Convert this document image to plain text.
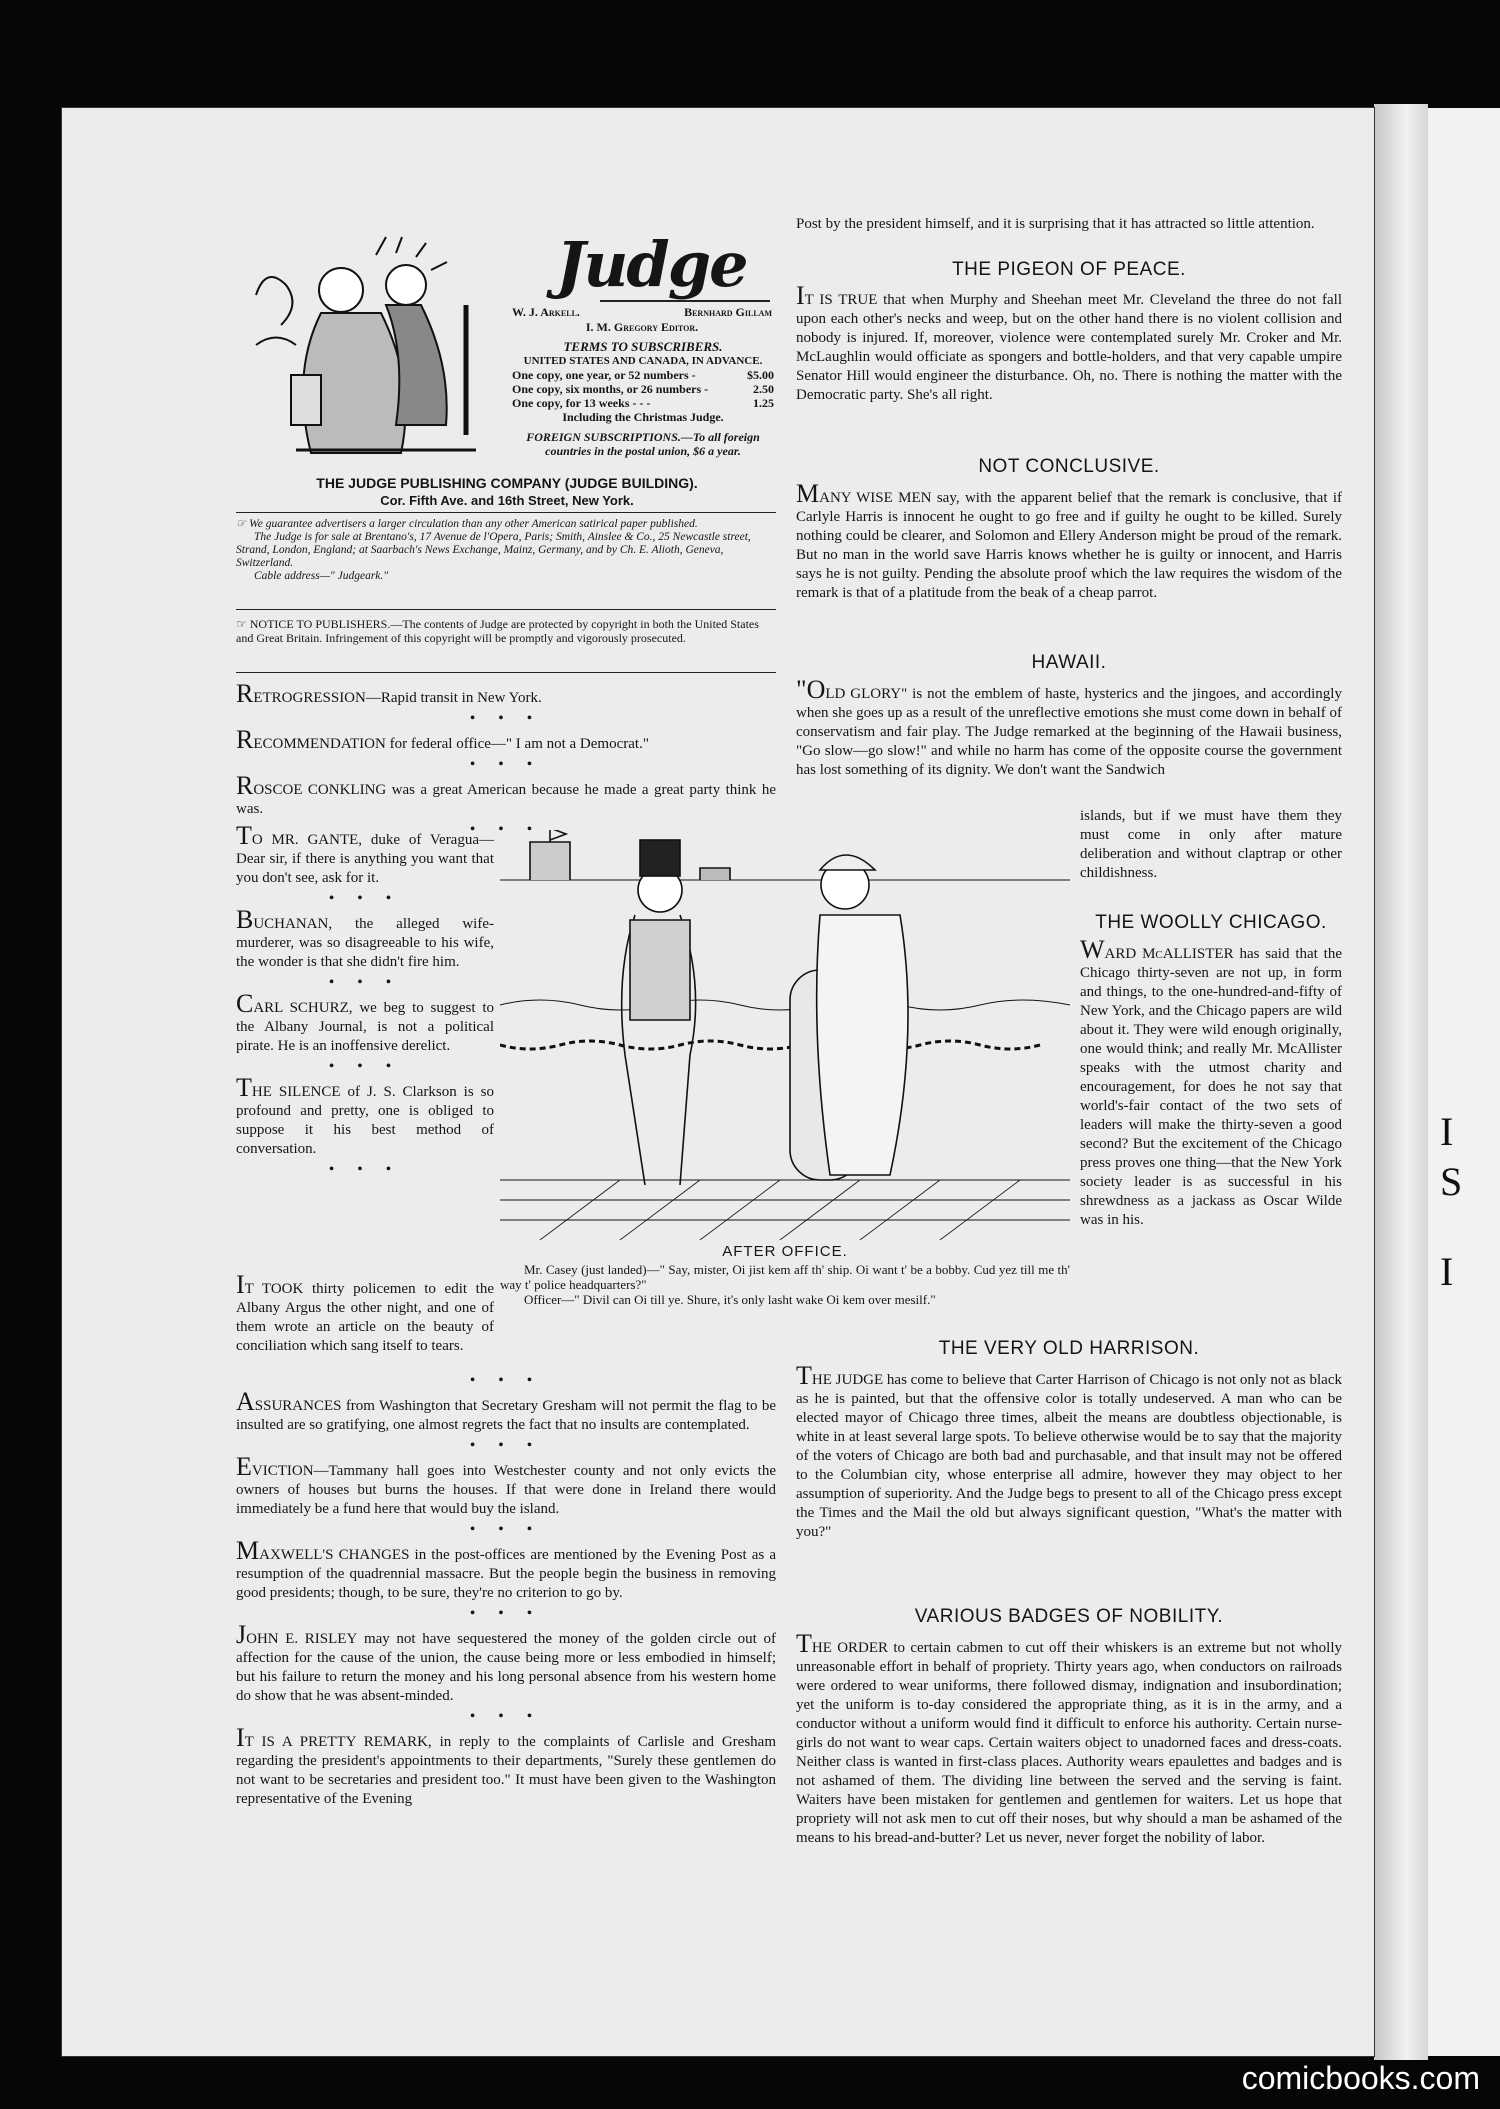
I
S
I
Judge
W. J. Arkell.	Bernhard Gillam
I. M. Gregory Editor.
TERMS TO SUBSCRIBERS.
UNITED STATES AND CANADA, IN ADVANCE.
One copy, one year, or 52 numbers -	$5.00
One copy, six months, or 26 numbers -	2.50
One copy, for 13 weeks - - -	1.25
Including the Christmas Judge.
FOREIGN SUBSCRIPTIONS.—To all foreign countries in the postal union, $6 a year.
THE JUDGE PUBLISHING COMPANY (JUDGE BUILDING).
Cor. Fifth Ave. and 16th Street, New York.
☞ We guarantee advertisers a larger circulation than any other American satirical paper published.
The Judge is for sale at Brentano's, 17 Avenue de l'Opera, Paris; Smith, Ainslee & Co., 25 Newcastle street, Strand, London, England; at Saarbach's News Exchange, Mainz, Germany, and by Ch. E. Alioth, Geneva, Switzerland.
Cable address—" Judgeark."
☞ NOTICE TO PUBLISHERS.—The contents of Judge are protected by copyright in both the United States and Great Britain. Infringement of this copyright will be promptly and vigorously prosecuted.

RETROGRESSION—Rapid transit in New York.

• • •

RECOMMENDATION for federal office—" I am not a Democrat."

• • •

ROSCOE CONKLING was a great American because he made a great party think he was.

• • •

TO MR. GANTE, duke of Veragua—Dear sir, if there is anything you want that you don't see, ask for it.

• • •

BUCHANAN, the alleged wife-murderer, was so disagreeable to his wife, the wonder is that she didn't fire him.

• • •

CARL SCHURZ, we beg to suggest to the Albany Journal, is not a political pirate. He is an inoffensive derelict.

• • •

THE SILENCE of J. S. Clarkson is so profound and pretty, one is obliged to suppose it his best method of conversation.

• • •

IT TOOK thirty policemen to edit the Albany Argus the other night, and one of them wrote an article on the beauty of conciliation which sang itself to tears.

• • •

ASSURANCES from Washington that Secretary Gresham will not permit the flag to be insulted are so gratifying, one almost regrets the fact that no insults are contemplated.

• • •

EVICTION—Tammany hall goes into Westchester county and not only evicts the owners of houses but burns the houses. If that were done in Ireland there would immediately be a fund here that would buy the island.

• • •

MAXWELL'S CHANGES in the post-offices are mentioned by the Evening Post as a resumption of the quadrennial massacre. But the people begin the business in removing good presidents; though, to be sure, they're no criterion to go by.

• • •

JOHN E. RISLEY may not have sequestered the money of the golden circle out of affection for the cause of the union, the cause being more or less embodied in himself; but his failure to return the money and his long personal absence from his western home do show that he was absent-minded.

• • •

IT IS A PRETTY REMARK, in reply to the complaints of Carlisle and Gresham regarding the president's appointments to their departments, "Surely these gentlemen do not want to be secretaries and president too." It must have been given to the Washington representative of the Evening

AFTER OFFICE.
Mr. Casey (just landed)—" Say, mister, Oi jist kem aff th' ship. Oi want t' be a bobby. Cud yez till me th' way t' police headquarters?"
Officer—" Divil can Oi till ye. Shure, it's only lasht wake Oi kem over mesilf."
Post by the president himself, and it is surprising that it has attracted so little attention.
THE PIGEON OF PEACE.

IT IS TRUE that when Murphy and Sheehan meet Mr. Cleveland the three do not fall upon each other's necks and weep, but on the other hand there is no violent collision and nobody is injured. If, moreover, violence were contemplated surely Mr. Croker and Mr. McLaughlin would officiate as spongers and bottle-holders, and that very capable umpire Senator Hill would engineer the disturbance. Oh, no. There is nothing the matter with the Democratic party. She's all right.

NOT CONCLUSIVE.

MANY WISE MEN say, with the apparent belief that the remark is conclusive, that if Carlyle Harris is innocent he ought to go free and if guilty he ought to be killed. Surely nothing could be clearer, and Solomon and Ellery Anderson might be proud of the remark. But no man in the world save Harris knows whether he is guilty or innocent, and Harris says he is not guilty. Pending the absolute proof which the law requires the wisdom of the remark is that of a platitude from the beak of a cheap parrot.

HAWAII.

"OLD GLORY" is not the emblem of haste, hysterics and the jingoes, and accordingly when she goes up as a result of the unreflective emotions she must come down in behalf of conservatism and fair play. The Judge remarked at the beginning of the Hawaii business, "Go slow—go slow!" and while no harm has come of the opposite course the government has lost something of its dignity. We don't want the Sandwich

islands, but if we must have them they must come in only after mature deliberation and without claptrap or other childishness.
THE WOOLLY CHICAGO.

WARD McALLISTER has said that the Chicago thirty-seven are not up, in form and things, to the one-hundred-and-fifty of New York, and the Chicago papers are wild about it. They were wild enough originally, one would think; and really Mr. McAllister speaks with the utmost charity and encouragement, for does he not say that world's-fair contact of the two sets of leaders will make the thirty-seven a good second? But the excitement of the Chicago press proves one thing—that the New York society leader is as successful in his shrewdness as a jackass as Oscar Wilde was in his.

THE VERY OLD HARRISON.

THE JUDGE has come to believe that Carter Harrison of Chicago is not only not as black as he is painted, but that the offensive color is totally undeserved. A man who can be elected mayor of Chicago three times, albeit the means are doubtless objectionable, is white in at least several large spots. To believe otherwise would be to say that the majority of the voters of Chicago are both bad and purchasable, and that insult may not be offered to the Columbian city, whose enterprise all admire, however they may object to her assumption of superiority. And the Judge begs to present to all of the Chicago press except the Times and the Mail the old but always significant question, "What's the matter with you?"

VARIOUS BADGES OF NOBILITY.

THE ORDER to certain cabmen to cut off their whiskers is an extreme but not wholly unreasonable effort in behalf of propriety. Thirty years ago, when conductors on railroads were ordered to wear uniforms, there followed dismay, indignation and insubordination; yet the uniform is to-day considered the appropriate thing, as it is in the army, and a conductor without a uniform would find it difficult to enforce his authority. Certain nurse-girls do not want to wear caps. Certain waiters object to unadorned faces and dress-coats. Neither class is wanted in first-class places. Authority wears epaulettes and badges and is not ashamed of them. The dividing line between the served and the serving is faint. Waiters have been mistaken for gentlemen and gentlemen for waiters. Let us hope that propriety will not ask men to cut off their noses, but why should a man be ashamed of the means to his bread-and-butter? Let us never, never forget the nobility of labor.

comicbooks.com
